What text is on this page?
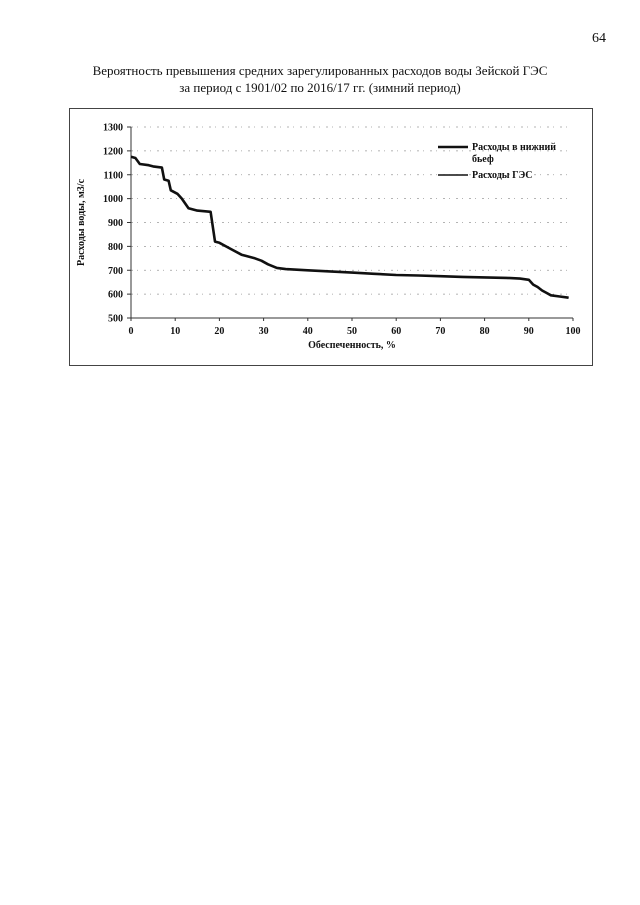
64
Вероятность превышения средних зарегулированных расходов воды Зейской ГЭС
за период с 1901/02 по 2016/17 гг. (зимний период)
500
600
700
800
900
1000
1100
1200
1300
0	10	20	30	40	50	60	70	80	90	100
Обеспеченность, %
Расходы воды, м3/с
Расходы в нижний
бьеф
Расходы ГЭС
